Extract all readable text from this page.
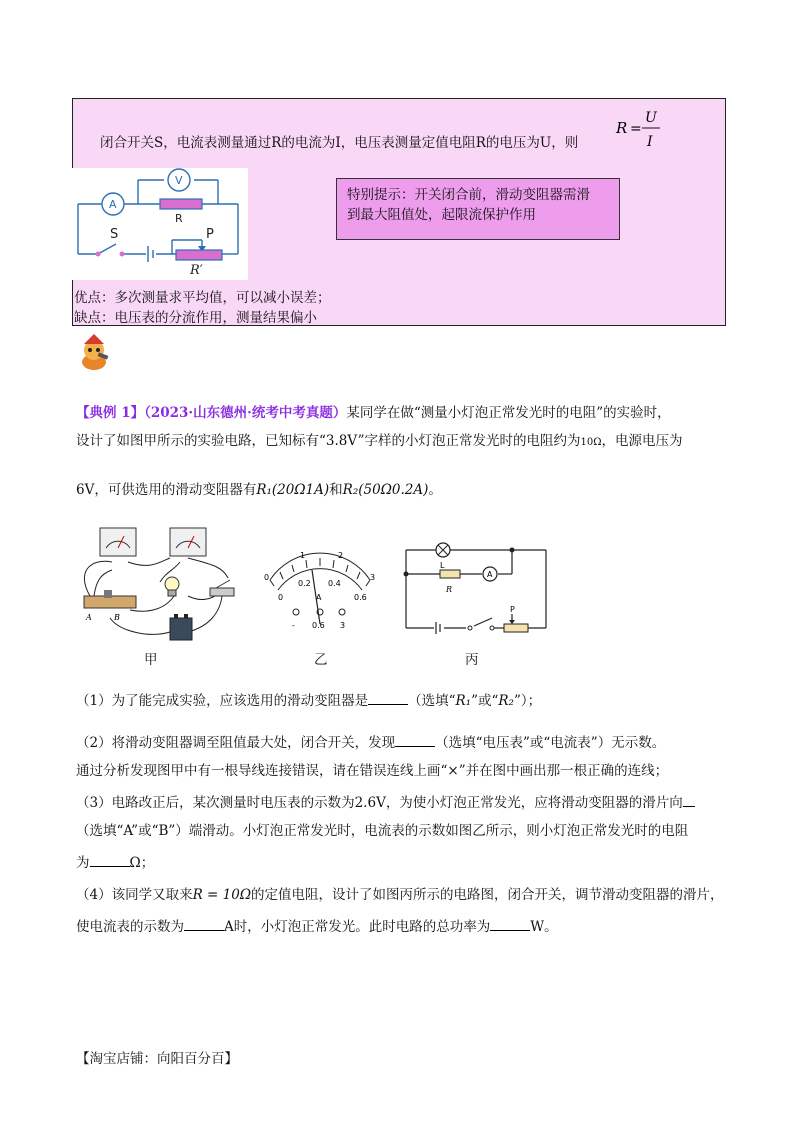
闭合开关S，电流表测量通过R的电流为I，电压表测量定值电阻R的电压为U，则
R =
U
I
A
V
R
S	P
R′
特别提示：开关闭合前，滑动变阻器需滑
到最大阻值处，起限流保护作用
优点：多次测量求平均值，可以减小误差；
缺点：电压表的分流作用，测量结果偏小
【典例 1】（2023·山东德州·统考中考真题）某同学在做“测量小灯泡正常发光时的电阻”的实验时，
设计了如图甲所示的实验电路，已知标有“3.8V”字样的小灯泡正常发光时的电阻约为10Ω，电源电压为
6V，可供选用的滑动变阻器有R₁(20Ω1A)和R₂(50Ω0.2A)。
A	B
0
1	2
3
0
0.2 0.4
0.6
A
- 0.6 3
L
R
A
P
甲	乙	丙
（1）为了能完成实验，应该选用的滑动变阻器是	（选填“R₁”或“R₂”）；
（2）将滑动变阻器调至阻值最大处，闭合开关，发现	（选填“电压表”或“电流表”）无示数。
通过分析发现图甲中有一根导线连接错误，请在错误连线上画“×”并在图中画出那一根正确的连线；
（3）电路改正后，某次测量时电压表的示数为2.6V，为使小灯泡正常发光，应将滑动变阻器的滑片向
（选填“A”或“B”）端滑动。小灯泡正常发光时，电流表的示数如图乙所示，则小灯泡正常发光时的电阻
为	Ω；
（4）该同学又取来R = 10Ω的定值电阻，设计了如图丙所示的电路图，闭合开关，调节滑动变阻器的滑片，
使电流表的示数为	A时，小灯泡正常发光。此时电路的总功率为	W。
【淘宝店铺：向阳百分百】
